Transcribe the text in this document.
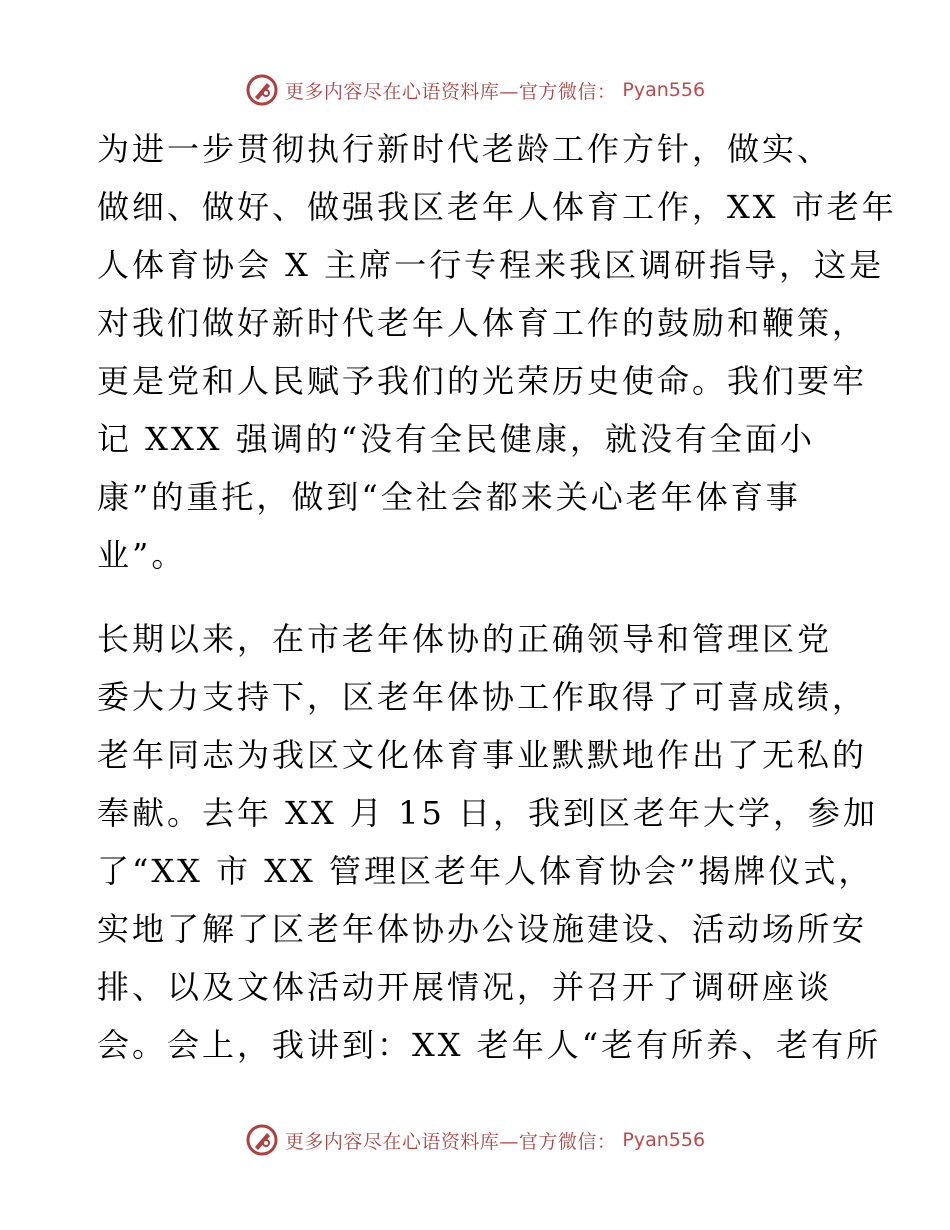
更多内容尽在心语资料库—官方微信： Pyan556

为进一步贯彻执行新时代老龄工作方针，做实、
做细、做好、做强我区老年人体育工作，XX 市老年
人体育协会 X 主席一行专程来我区调研指导，这是
对我们做好新时代老年人体育工作的鼓励和鞭策，
更是党和人民赋予我们的光荣历史使命。我们要牢
记 XXX 强调的“没有全民健康，就没有全面小
康”的重托，做到“全社会都来关心老年体育事
业”。

长期以来，在市老年体协的正确领导和管理区党
委大力支持下，区老年体协工作取得了可喜成绩，
老年同志为我区文化体育事业默默地作出了无私的
奉献。去年 XX 月 15 日，我到区老年大学，参加
了“XX 市 XX 管理区老年人体育协会”揭牌仪式，
实地了解了区老年体协办公设施建设、活动场所安
排、以及文体活动开展情况，并召开了调研座谈
会。会上，我讲到：XX 老年人“老有所养、老有所

更多内容尽在心语资料库—官方微信： Pyan556
